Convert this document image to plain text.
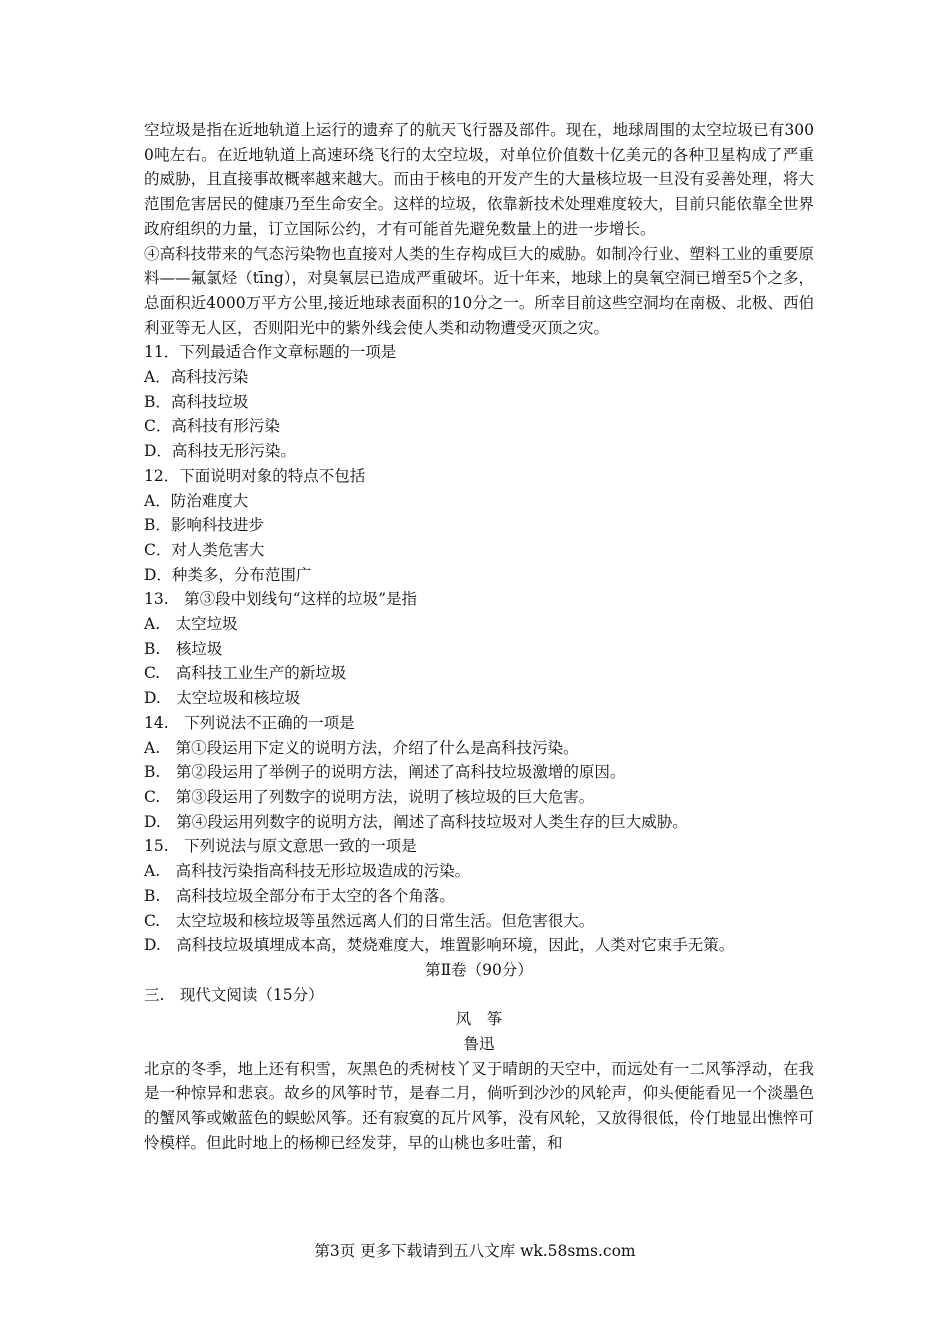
空垃圾是指在近地轨道上运行的遗弃了的航天飞行器及部件。现在，地球周围的太空垃圾已有3000吨左右。在近地轨道上高速环绕飞行的太空垃圾，对单位价值数十亿美元的各种卫星构成了严重的威胁，且直接事故概率越来越大。而由于核电的开发产生的大量核垃圾一旦没有妥善处理，将大范围危害居民的健康乃至生命安全。这样的垃圾，依靠新技术处理难度较大，目前只能依靠全世界政府组织的力量，订立国际公约，才有可能首先避免数量上的进一步增长。

④高科技带来的气态污染物也直接对人类的生存构成巨大的威胁。如制冷行业、塑料工业的重要原料——氟氯烃（tīng），对臭氧层已造成严重破坏。近十年来，地球上的臭氧空洞已增至5个之多，总面积近4000万平方公里,接近地球表面积的10分之一。所幸目前这些空洞均在南极、北极、西伯利亚等无人区，否则阳光中的紫外线会使人类和动物遭受灭顶之灾。

11．下列最适合作文章标题的一项是

A．高科技污染

B．高科技垃圾

C．高科技有形污染

D．高科技无形污染。

12．下面说明对象的特点不包括

A．防治难度大

B．影响科技进步

C．对人类危害大

D．种类多，分布范围广

13.　第③段中划线句“这样的垃圾”是指

A.　太空垃圾

B.　核垃圾

C.　高科技工业生产的新垃圾

D.　太空垃圾和核垃圾

14.　下列说法不正确的一项是

A.　第①段运用下定义的说明方法，介绍了什么是高科技污染。

B.　第②段运用了举例子的说明方法，阐述了高科技垃圾激增的原因。

C.　第③段运用了列数字的说明方法，说明了核垃圾的巨大危害。

D.　第④段运用列数字的说明方法，阐述了高科技垃圾对人类生存的巨大威胁。

15.　下列说法与原文意思一致的一项是

A.　高科技污染指高科技无形垃圾造成的污染。

B.　高科技垃圾全部分布于太空的各个角落。

C.　太空垃圾和核垃圾等虽然远离人们的日常生活。但危害很大。

D.　高科技垃圾填埋成本高，焚烧难度大，堆置影响环境，因此，人类对它束手无策。

第Ⅱ卷（90分）

三.　现代文阅读（15分）

风　筝

鲁迅

北京的冬季，地上还有积雪，灰黑色的秃树枝丫叉于晴朗的天空中，而远处有一二风筝浮动，在我是一种惊异和悲哀。故乡的风筝时节，是春二月，倘听到沙沙的风轮声，仰头便能看见一个淡墨色的蟹风筝或嫩蓝色的蜈蚣风筝。还有寂寞的瓦片风筝，没有风轮，又放得很低，伶仃地显出憔悴可怜模样。但此时地上的杨柳已经发芽，早的山桃也多吐蕾，和

第3页 更多下载请到五八文库 wk.58sms.com
